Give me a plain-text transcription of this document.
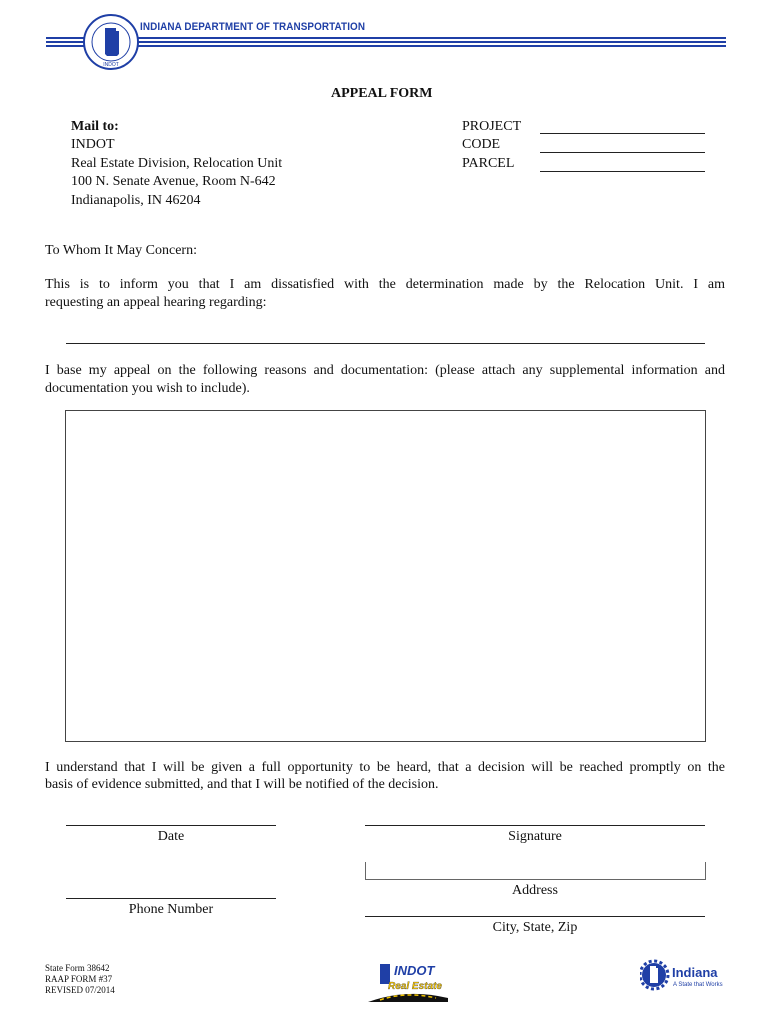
INDIANA DEPARTMENT OF TRANSPORTATION
INDOT
APPEAL FORM
Mail to:
INDOT
Real Estate Division, Relocation Unit
100 N. Senate Avenue, Room N-642
Indianapolis, IN 46204
PROJECT
CODE
PARCEL
To Whom It May Concern:
This is to inform you that I am dissatisfied with the determination made by the Relocation Unit. I am
requesting an appeal hearing regarding:
I base my appeal on the following reasons and documentation: (please attach any supplemental information and
documentation you wish to include).
I understand that I will be given a full opportunity to be heard, that a decision will be reached promptly on the
basis of evidence submitted, and that I will be notified of the decision.
Date	Signature
Address
Phone Number
City, State, Zip
State Form 38642
RAAP FORM #37
REVISED 07/2014
INDOT
Real Estate
Indiana
A State that Works
